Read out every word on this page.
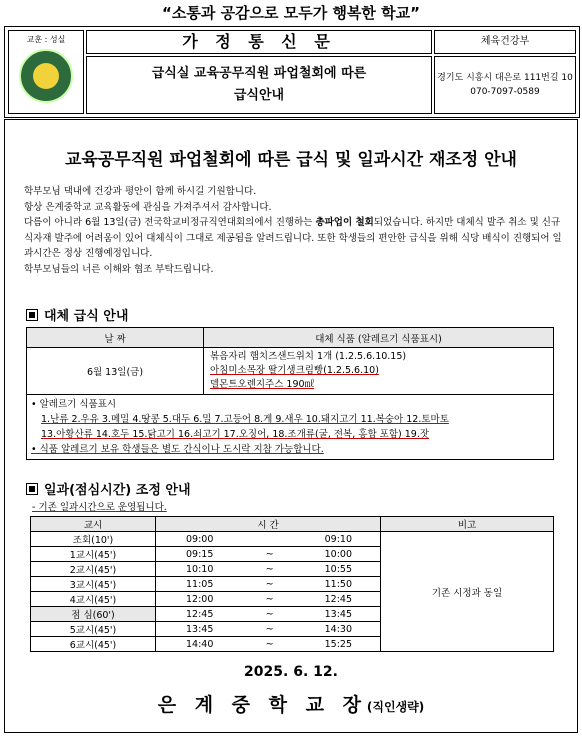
“소통과 공감으로 모두가 행복한 학교”
교훈 : 성실	가 정 통 신 문
급식실 교육공무직원 파업철회에 따른
급식안내
체육건강부
경기도 시흥시 대은로 111번길 10
070-7097-0589
교육공무직원 파업철회에 따른 급식 및 일과시간 재조정 안내

학부모님 댁내에 건강과 평안이 함께 하시길 기원합니다.

항상 은계중학교 교육활동에 관심을 가져주셔서 감사합니다.

다름이 아니라 6월 13일(금) 전국학교비정규직연대회의에서 진행하는 총파업이 철회되었습니다. 하지만 대체식 발주 취소 및 신규 식자재 발주에 어려움이 있어 대체식이 그대로 제공됨을 알려드립니다. 또한 학생들의 편안한 급식을 위해 식당 배식이 진행되어 일과시간은 정상 진행예정입니다.

학부모님들의 너른 이해와 협조 부탁드립니다.

대체 급식 안내
날 짜	대체 식품 (알레르기 식품표시)
6월 13일(금)	볶음자리 햄치즈샌드위치 1개 (1.2.5.6.10.15)
아침미소목장 딸기생크림빵(1.2.5.6.10)
델몬트오렌지주스 190㎖

• 알레르기 식품표시
1.난류 2.우유 3.메밀 4.땅콩 5.대두 6.밀 7.고등어 8.게 9.새우 10.돼지고기 11.복숭아 12.토마토
13.아황산류 14.호두 15.닭고기 16.쇠고기 17.오징어, 18.조개류(굴, 전복, 홍합 포함) 19.잣
• 식품 알레르기 보유 학생들은 별도 간식이나 도시락 지참 가능합니다.	
일과(점심시간) 조정 안내
- 기존 일과시간으로 운영됩니다.
교시	시 간			비고
조회(10')	09:00		09:10	기존 시정과 동일
1교시(45')	09:15	~	10:00	
2교시(45')	10:10	~	10:55	
3교시(45')	11:05	~	11:50	
4교시(45')	12:00	~	12:45	
점 심(60')	12:45	~	13:45	
5교시(45')	13:45	~	14:30	
6교시(45')	14:40	~	15:25	
2025. 6. 12.
은 계 중 학 교 장(직인생략)
